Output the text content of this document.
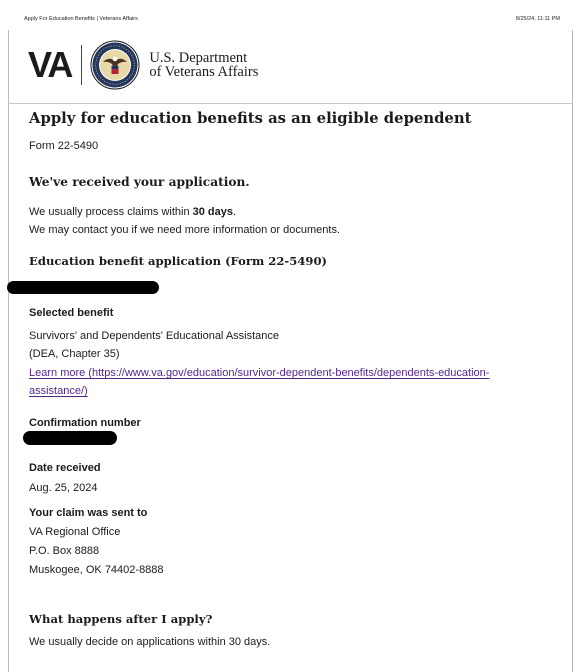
Apply For Education Benefits | Veterans Affairs	8/25/24, 11:11 PM
VA	U.S. Department
of Veterans Affairs
Apply for education benefits as an eligible dependent
Form 22-5490
We've received your application.
We usually process claims within 30 days.
We may contact you if we need more information or documents.
Education benefit application (Form 22-5490)
Selected benefit
Survivors' and Dependents' Educational Assistance
(DEA, Chapter 35)
Learn more (https://www.va.gov/education/survivor-dependent-benefits/dependents-education-
assistance/)
Confirmation number
Date received
Aug. 25, 2024
Your claim was sent to
VA Regional Office
P.O. Box 8888
Muskogee, OK 74402-8888
What happens after I apply?
We usually decide on applications within 30 days.
